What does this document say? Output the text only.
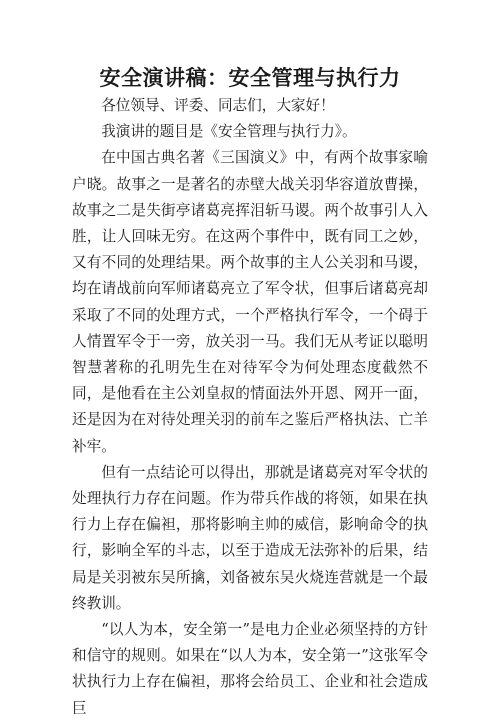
安全演讲稿：安全管理与执行力

各位领导、评委、同志们，大家好！

我演讲的题目是《安全管理与执行力》。

在中国古典名著《三国演义》中，有两个故事家喻户晓。故事之一是著名的赤壁大战关羽华容道放曹操，故事之二是失街亭诸葛亮挥泪斩马谡。两个故事引人入胜，让人回味无穷。在这两个事件中，既有同工之妙，又有不同的处理结果。两个故事的主人公关羽和马谡，均在请战前向军师诸葛亮立了军令状，但事后诸葛亮却采取了不同的处理方式，一个严格执行军令，一个碍于人情置军令于一旁，放关羽一马。我们无从考证以聪明智慧著称的孔明先生在对待军令为何处理态度截然不同，是他看在主公刘皇叔的情面法外开恩、网开一面，还是因为在对待处理关羽的前车之鉴后严格执法、亡羊补牢。

但有一点结论可以得出，那就是诸葛亮对军令状的处理执行力存在问题。作为带兵作战的将领，如果在执行力上存在偏袒，那将影响主帅的威信，影响命令的执行，影响全军的斗志，以至于造成无法弥补的后果，结局是关羽被东吴所擒，刘备被东吴火烧连营就是一个最终教训。

“以人为本，安全第一”是电力企业必须坚持的方针和信守的规则。如果在“以人为本，安全第一”这张军令状执行力上存在偏袒，那将会给员工、企业和社会造成巨
